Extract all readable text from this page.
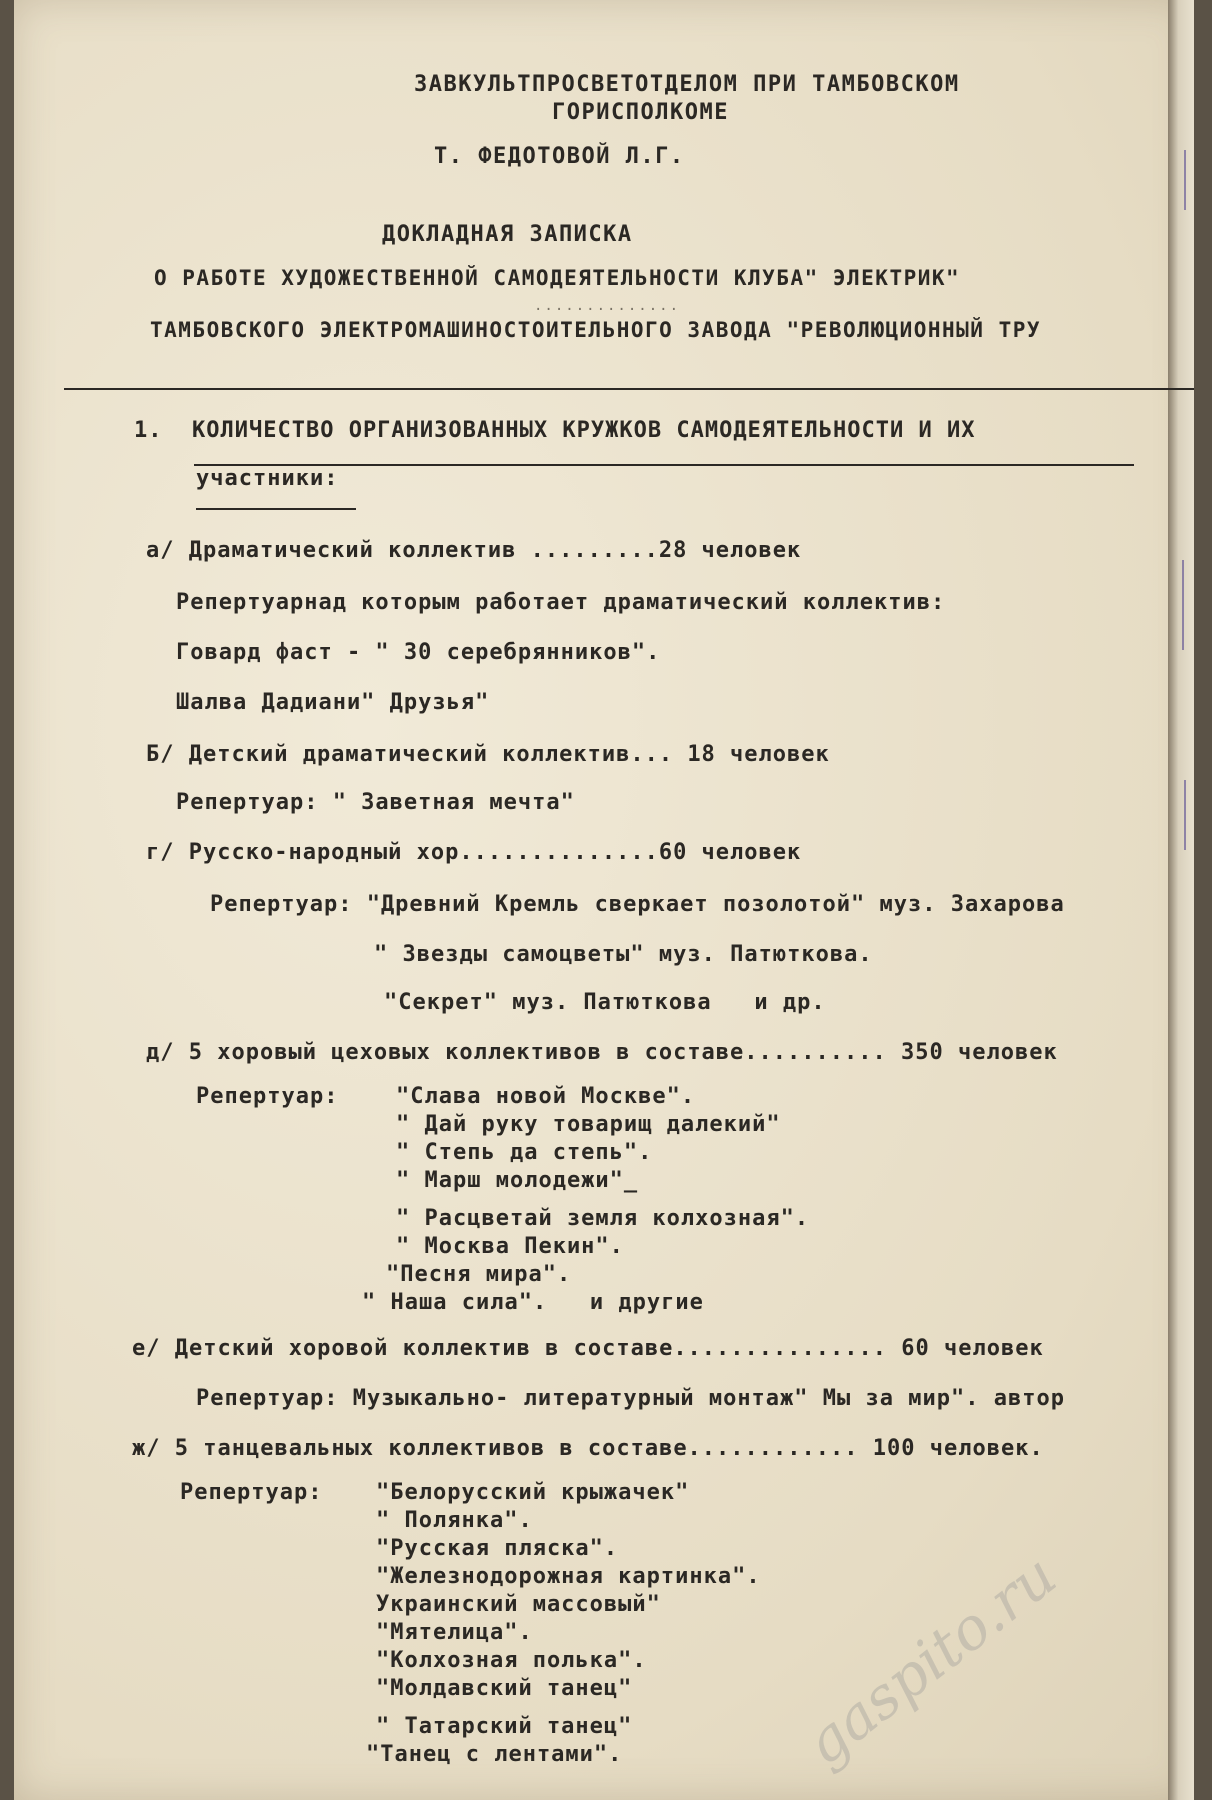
ЗАВКУЛЬТПРОСВЕТОТДЕЛОМ ПРИ ТАМБОВСКОМ
ГОРИСПОЛКОМЕ
Т. ФЕДОТОВОЙ Л.Г.
ДОКЛАДНАЯ ЗАПИСКА
О РАБОТЕ ХУДОЖЕСТВЕННОЙ САМОДЕЯТЕЛЬНОСТИ КЛУБА" ЭЛЕКТРИК"
..............
ТАМБОВСКОГО ЭЛЕКТРОМАШИНОСТОИТЕЛЬНОГО ЗАВОДА "РЕВОЛЮЦИОННЫЙ ТРУ
1. КОЛИЧЕСТВО ОРГАНИЗОВАННЫХ КРУЖКОВ САМОДЕЯТЕЛЬНОСТИ И ИХ
участники:
а/ Драматический коллектив .........28 человек
Репертуарнад которым работает драматический коллектив:
Говард фаст - " 30 серебрянников".
Шалва Дадиани" Друзья"
Б/ Детский драматический коллектив... 18 человек
Репертуар: " Заветная мечта"
г/ Русско-народный хор..............60 человек
Репертуар: "Древний Кремль сверкает позолотой" муз. Захарова
" Звезды самоцветы" муз. Патюткова.
"Секрет" муз. Патюткова   и др.
д/ 5 хоровый цеховых коллективов в составе.......... 350 человек
Репертуар:	"Слава новой Москве".
" Дай руку товарищ далекий"
" Степь да степь".
" Марш молодежи"_
" Расцветай земля колхозная".
" Москва Пекин".
"Песня мира".
" Наша сила".   и другие
е/ Детский хоровой коллектив в составе............... 60 человек
Репертуар: Музыкально- литературный монтаж" Мы за мир". автор
ж/ 5 танцевальных коллективов в составе............ 100 человек.
Репертуар: "Белорусский крыжачек"
" Полянка".
"Русская пляска".
"Железнодорожная картинка".
Украинский массовый"
"Мятелица".
"Колхозная полька".
"Молдавский танец"
" Татарский танец"
"Танец с лентами".	gaspito.ru
